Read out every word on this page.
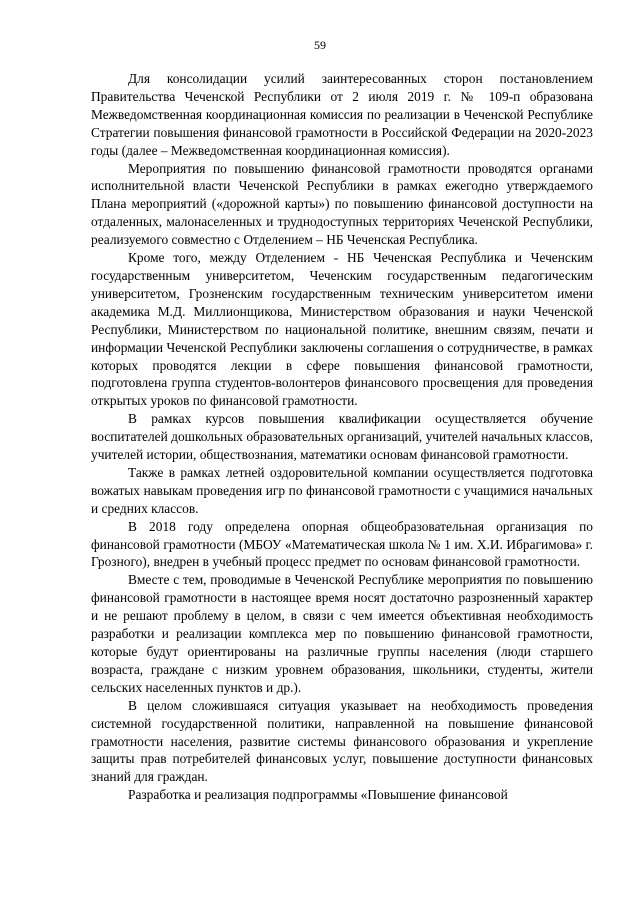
59

Для консолидации усилий заинтересованных сторон постановлением Правительства Чеченской Республики от 2 июля 2019 г. № 109-п образована Межведомственная координационная комиссия по реализации в Чеченской Республике Стратегии повышения финансовой грамотности в Российской Федерации на 2020-2023 годы (далее – Межведомственная координационная комиссия).

Мероприятия по повышению финансовой грамотности проводятся органами исполнительной власти Чеченской Республики в рамках ежегодно утверждаемого Плана мероприятий («дорожной карты») по повышению финансовой доступности на отдаленных, малонаселенных и труднодоступных территориях Чеченской Республики, реализуемого совместно с Отделением – НБ Чеченская Республика.

Кроме того, между Отделением - НБ Чеченская Республика и Чеченским государственным университетом, Чеченским государственным педагогическим университетом, Грозненским государственным техническим университетом имени академика М.Д. Миллионщикова, Министерством образования и науки Чеченской Республики, Министерством по национальной политике, внешним связям, печати и информации Чеченской Республики заключены соглашения о сотрудничестве, в рамках которых проводятся лекции в сфере повышения финансовой грамотности, подготовлена группа студентов-волонтеров финансового просвещения для проведения открытых уроков по финансовой грамотности.

В рамках курсов повышения квалификации осуществляется обучение воспитателей дошкольных образовательных организаций, учителей начальных классов, учителей истории, обществознания, математики основам финансовой грамотности.

Также в рамках летней оздоровительной компании осуществляется подготовка вожатых навыкам проведения игр по финансовой грамотности с учащимися начальных и средних классов.

В 2018 году определена опорная общеобразовательная организация по финансовой грамотности (МБОУ «Математическая школа № 1 им. Х.И. Ибрагимова» г. Грозного), внедрен в учебный процесс предмет по основам финансовой грамотности.

Вместе с тем, проводимые в Чеченской Республике мероприятия по повышению финансовой грамотности в настоящее время носят достаточно разрозненный характер и не решают проблему в целом, в связи с чем имеется объективная необходимость разработки и реализации комплекса мер по повышению финансовой грамотности, которые будут ориентированы на различные группы населения (люди старшего возраста, граждане с низким уровнем образования, школьники, студенты, жители сельских населенных пунктов и др.).

В целом сложившаяся ситуация указывает на необходимость проведения системной государственной политики, направленной на повышение финансовой грамотности населения, развитие системы финансового образования и укрепление защиты прав потребителей финансовых услуг, повышение доступности финансовых знаний для граждан.

Разработка и реализация подпрограммы «Повышение финансовой
